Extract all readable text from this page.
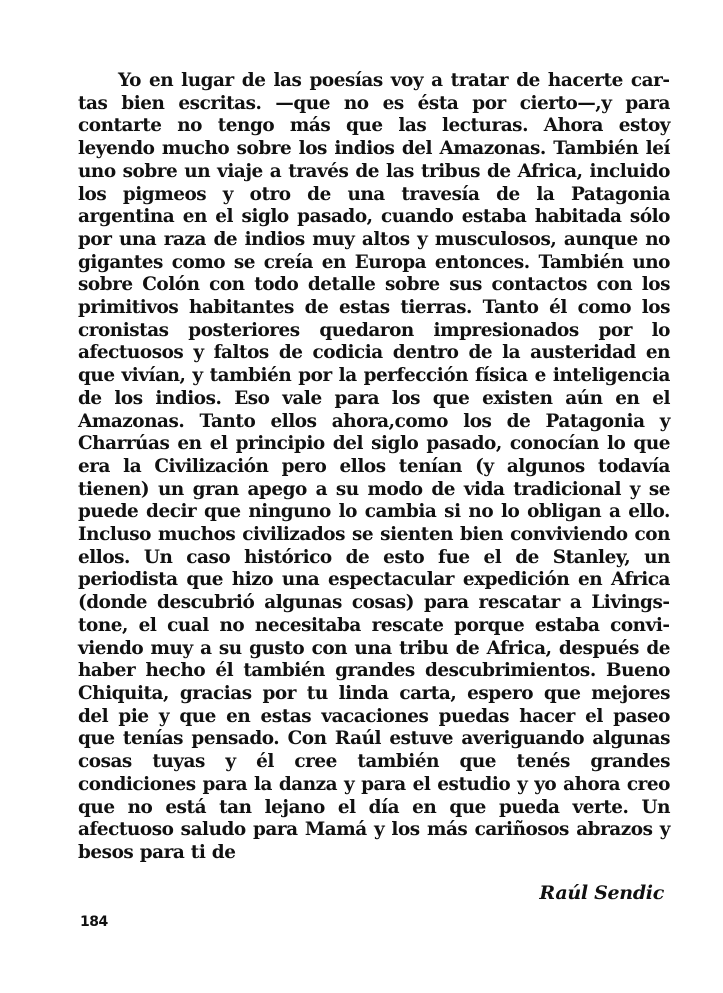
Yo en lugar de las poesías voy a tratar de hacerte cartas bien escritas. —que no es ésta por cierto—,y para contarte no tengo más que las lecturas. Ahora estoy leyendo mucho sobre los indios del Amazonas. También leí uno sobre un viaje a través de las tribus de Africa, incluido los pigmeos y otro de una travesía de la Patagonia argentina en el siglo pasado, cuando estaba habitada sólo por una raza de indios muy altos y musculosos, aunque no gigantes como se creía en Europa entonces. También uno sobre Colón con todo detalle sobre sus contactos con los primitivos habitantes de estas tierras. Tanto él como los cronistas posteriores quedaron impresionados por lo afectuosos y faltos de codicia dentro de la austeridad en que vivían, y también por la perfección física e inteligencia de los indios. Eso vale para los que existen aún en el Amazonas. Tanto ellos ahora,como los de Patagonia y Charrúas en el principio del siglo pasado, conocían lo que era la Civilización pero ellos tenían (y algunos todavía tienen) un gran apego a su modo de vida tradicional y se puede decir que ninguno lo cambia si no lo obligan a ello. Incluso muchos civilizados se sienten bien conviviendo con ellos. Un caso histórico de esto fue el de Stanley, un periodista que hizo una espectacular expedición en Africa (donde descubrió algunas cosas) para rescatar a Livingstone, el cual no necesitaba rescate porque estaba conviviendo muy a su gusto con una tribu de Africa, después de haber hecho él también grandes descubrimientos. Bueno Chiquita, gracias por tu linda carta, espero que mejores del pie y que en estas vacaciones puedas hacer el paseo que tenías pensado. Con Raúl estuve averiguando algunas cosas tuyas y él cree también que tenés grandes condiciones para la danza y para el estudio y yo ahora creo que no está tan lejano el día en que pueda verte. Un afectuoso saludo para Mamá y los más cariñosos abrazos y besos para ti de

Raúl Sendic
184
